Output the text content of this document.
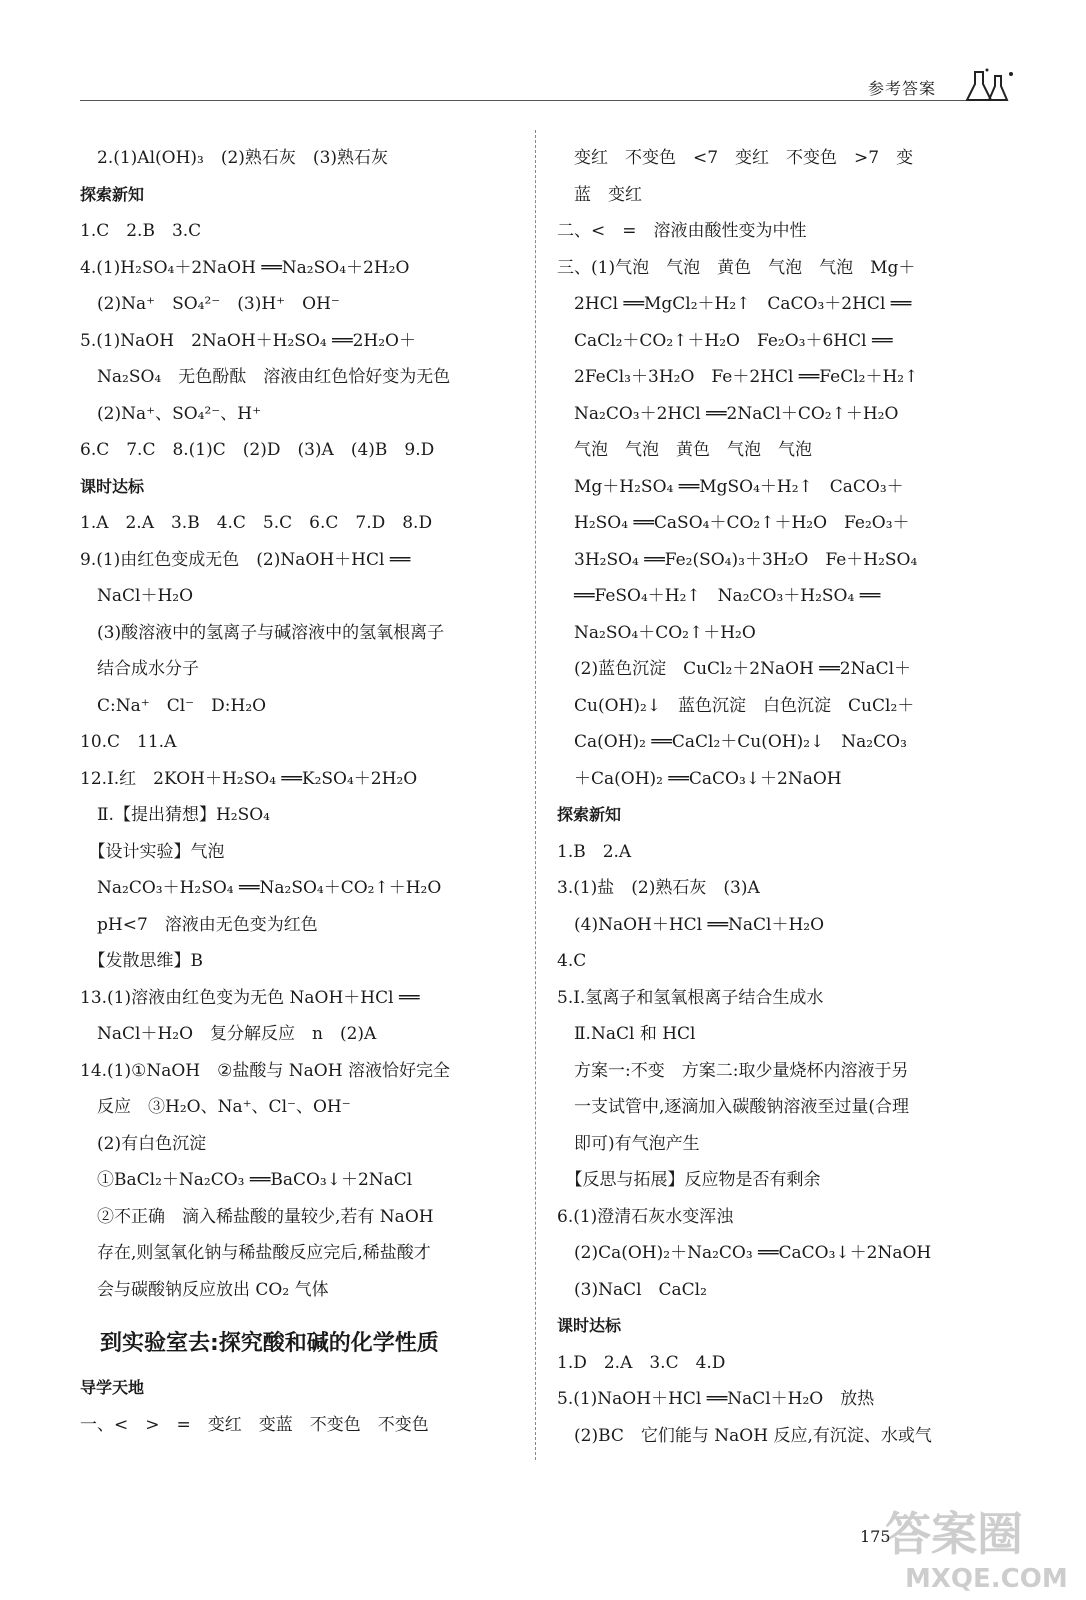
参考答案
　2.(1)Al(OH)₃　(2)熟石灰　(3)熟石灰
探索新知
1.C　2.B　3.C
4.(1)H₂SO₄＋2NaOH ══Na₂SO₄＋2H₂O
　(2)Na⁺　SO₄²⁻　(3)H⁺　OH⁻
5.(1)NaOH　2NaOH＋H₂SO₄ ══2H₂O＋
　Na₂SO₄　无色酚酞　溶液由红色恰好变为无色
　(2)Na⁺、SO₄²⁻、H⁺
6.C　7.C　8.(1)C　(2)D　(3)A　(4)B　9.D
课时达标
1.A　2.A　3.B　4.C　5.C　6.C　7.D　8.D
9.(1)由红色变成无色　(2)NaOH＋HCl ══
　NaCl＋H₂O
　(3)酸溶液中的氢离子与碱溶液中的氢氧根离子
　结合成水分子
　C:Na⁺　Cl⁻　D:H₂O
10.C　11.A
12.Ⅰ.红　2KOH＋H₂SO₄ ══K₂SO₄＋2H₂O
　Ⅱ.【提出猜想】H₂SO₄
　【设计实验】气泡
　Na₂CO₃＋H₂SO₄ ══Na₂SO₄＋CO₂↑＋H₂O
　pH<7　溶液由无色变为红色
　【发散思维】B
13.(1)溶液由红色变为无色 NaOH＋HCl ══
　NaCl＋H₂O　复分解反应　n　(2)A
14.(1)①NaOH　②盐酸与 NaOH 溶液恰好完全
　反应　③H₂O、Na⁺、Cl⁻、OH⁻
　(2)有白色沉淀
　①BaCl₂＋Na₂CO₃ ══BaCO₃↓＋2NaCl
　②不正确　滴入稀盐酸的量较少,若有 NaOH
　存在,则氢氧化钠与稀盐酸反应完后,稀盐酸才
　会与碳酸钠反应放出 CO₂ 气体
到实验室去:探究酸和碱的化学性质
导学天地
一、<　>　=　变红　变蓝　不变色　不变色
　变红　不变色　<7　变红　不变色　>7　变
　蓝　变红
二、<　=　溶液由酸性变为中性
三、(1)气泡　气泡　黄色　气泡　气泡　Mg＋
　2HCl ══MgCl₂＋H₂↑　CaCO₃＋2HCl ══
　CaCl₂＋CO₂↑＋H₂O　Fe₂O₃＋6HCl ══
　2FeCl₃＋3H₂O　Fe＋2HCl ══FeCl₂＋H₂↑
　Na₂CO₃＋2HCl ══2NaCl＋CO₂↑＋H₂O
　气泡　气泡　黄色　气泡　气泡
　Mg＋H₂SO₄ ══MgSO₄＋H₂↑　CaCO₃＋
　H₂SO₄ ══CaSO₄＋CO₂↑＋H₂O　Fe₂O₃＋
　3H₂SO₄ ══Fe₂(SO₄)₃＋3H₂O　Fe＋H₂SO₄
　══FeSO₄＋H₂↑　Na₂CO₃＋H₂SO₄ ══
　Na₂SO₄＋CO₂↑＋H₂O
　(2)蓝色沉淀　CuCl₂＋2NaOH ══2NaCl＋
　Cu(OH)₂↓　蓝色沉淀　白色沉淀　CuCl₂＋
　Ca(OH)₂ ══CaCl₂＋Cu(OH)₂↓　Na₂CO₃
　＋Ca(OH)₂ ══CaCO₃↓＋2NaOH
探索新知
1.B　2.A
3.(1)盐　(2)熟石灰　(3)A
　(4)NaOH＋HCl ══NaCl＋H₂O
4.C
5.Ⅰ.氢离子和氢氧根离子结合生成水
　Ⅱ.NaCl 和 HCl
　方案一:不变　方案二:取少量烧杯内溶液于另
　一支试管中,逐滴加入碳酸钠溶液至过量(合理
　即可)有气泡产生
　【反思与拓展】反应物是否有剩余
6.(1)澄清石灰水变浑浊
　(2)Ca(OH)₂＋Na₂CO₃ ══CaCO₃↓＋2NaOH
　(3)NaCl　CaCl₂
课时达标
1.D　2.A　3.C　4.D
5.(1)NaOH＋HCl ══NaCl＋H₂O　放热
　(2)BC　它们能与 NaOH 反应,有沉淀、水或气
175
答案圈
MXQE.COM
